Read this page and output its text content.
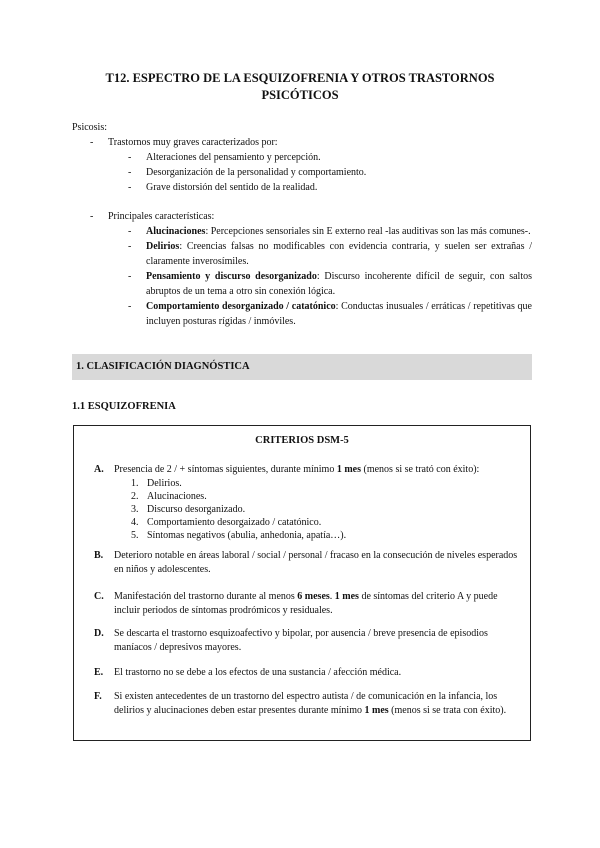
T12. ESPECTRO DE LA ESQUIZOFRENIA Y OTROS TRASTORNOS
PSICÓTICOS
Psicosis:
- Trastornos muy graves caracterizados por:
- Alteraciones del pensamiento y percepción.
- Desorganización de la personalidad y comportamiento.
- Grave distorsión del sentido de la realidad.
- Principales características:
- Alucinaciones: Percepciones sensoriales sin E externo real -las auditivas son las más comunes-.
- Delirios: Creencias falsas no modificables con evidencia contraria, y suelen ser extrañas / claramente inverosímiles.
- Pensamiento y discurso desorganizado: Discurso incoherente difícil de seguir, con saltos abruptos de un tema a otro sin conexión lógica.
- Comportamiento desorganizado / catatónico: Conductas inusuales / erráticas / repetitivas que incluyen posturas rígidas / inmóviles.
1. CLASIFICACIÓN DIAGNÓSTICA
1.1 ESQUIZOFRENIA
CRITERIOS DSM-5
A. Presencia de 2 / + síntomas siguientes, durante mínimo 1 mes (menos si se trató con éxito):
1. Delirios.
2. Alucinaciones.
3. Discurso desorganizado.
4. Comportamiento desorgaizado / catatónico.
5. Síntomas negativos (abulia, anhedonia, apatía…).
B. Deterioro notable en áreas laboral / social / personal / fracaso en la consecución de niveles esperados en niños y adolescentes.
C. Manifestación del trastorno durante al menos 6 meses. 1 mes de síntomas del criterio A y puede incluir periodos de síntomas prodrómicos y residuales.
D. Se descarta el trastorno esquizoafectivo y bipolar, por ausencia / breve presencia de episodios maníacos / depresivos mayores.
E. El trastorno no se debe a los efectos de una sustancia / afección médica.
F. Si existen antecedentes de un trastorno del espectro autista / de comunicación en la infancia, los delirios y alucinaciones deben estar presentes durante mínimo 1 mes (menos si se trata con éxito).
